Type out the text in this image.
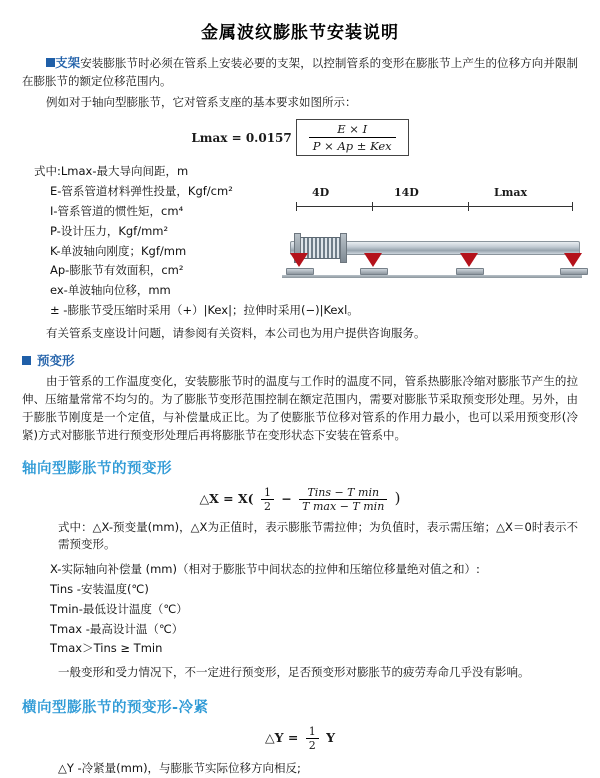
金属波纹膨胀节安装说明
支架安装膨胀节时必须在管系上安装必要的支架，以控制管系的变形在膨胀节上产生的位移方向并限制在膨胀节的额定位移范围内。
例如对于轴向型膨胀节，它对管系支座的基本要求如图所示：
$Lmax = 0.0157 \frac{E \times I}{\text{P × Ap ± Kex}}$
式中:Lmax-最大导向间距，m
E-管系管道材料弹性投量，Kgf/cm²
I-管系管道的惯性矩，cm⁴
P-设计压力，Kgf/mm²
K-单波轴向刚度；Kgf/mm
Ap-膨胀节有效面积，cm²
ex-单波轴向位移，mm
± -膨胀节受压缩时采用（+）|Kex|；拉伸时采用(−)|Kexl。
有关管系支座设计问题，请参阅有关资料，本公司也为用户提供咨询服务。
4D	14D	Lmax
预变形
由于管系的工作温度变化，安装膨胀节时的温度与工作时的温度不同，管系热膨胀冷缩对膨胀节产生的拉伸、压缩量常常不均匀的。为了膨胀节变形范围控制在额定范围内，需要对膨胀节采取预变形处理。另外，由于膨胀节刚度是一个定值，与补偿量成正比。为了使膨胀节位移对管系的作用力最小，也可以采用预变形(冷紧)方式对膨胀节进行预变形处理后再将膨胀节在变形状态下安装在管系中。
轴向型膨胀节的预变形
△X = $X( \frac{1}{2} - \frac{\text{Tins − T min}}{\text{T max − T min}}$ )
式中：△X-预变量(mm)，△X为正值时，表示膨胀节需拉伸；为负值时，表示需压缩；△X＝0时表示不需预变形。
X-实际轴向补偿量 (mm)（相对于膨胀节中间状态的拉伸和压缩位移量绝对值之和）:
Tins -安装温度(℃)
Tmin-最低设计温度（℃）
Tmax -最高设计温（℃）
Tmax＞Tins ≥ Tmin
一般变形和受力情况下，不一定进行预变形，足否预变形对膨胀节的疲劳寿命几乎没有影响。
横向型膨胀节的预变形-冷紧
△Y = $\frac{1}{2}$ Y
△Y -冷紧量(mm)，与膨胀节实际位移方向相反;
